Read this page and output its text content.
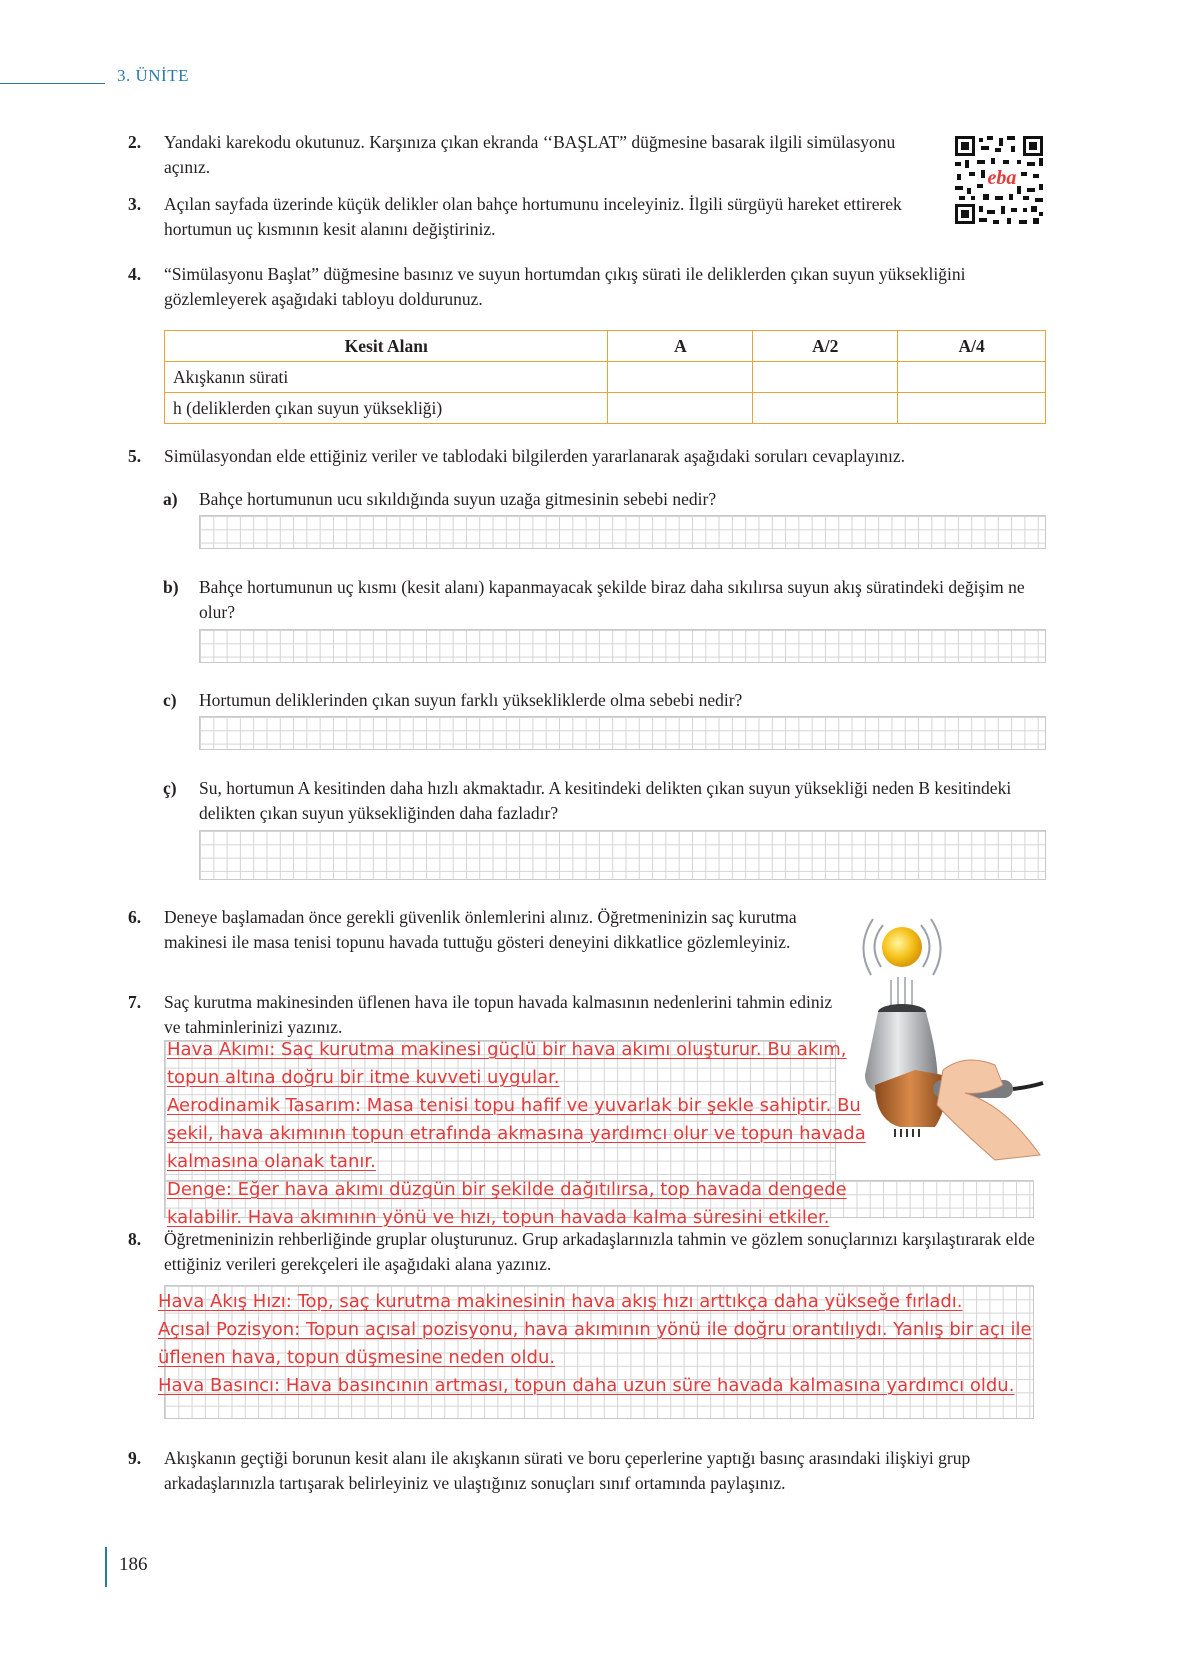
3. ÜNİTE
2. Yandaki karekodu okutunuz. Karşınıza çıkan ekranda ‘‘BAŞLAT” düğmesine basarak ilgili simülasyonu açınız.	eba
3. Açılan sayfada üzerinde küçük delikler olan bahçe hortumunu inceleyiniz. İlgili sürgüyü hareket ettirerek hortumun uç kısmının kesit alanını değiştiriniz.
4. “Simülasyonu Başlat” düğmesine basınız ve suyun hortumdan çıkış sürati ile deliklerden çıkan suyun yüksekliğini gözlemleyerek aşağıdaki tabloyu doldurunuz.
Kesit Alanı	A	A/2	A/4
Akışkanın sürati			
h (deliklerden çıkan suyun yüksekliği)			
5. Simülasyondan elde ettiğiniz veriler ve tablodaki bilgilerden yararlanarak aşağıdaki soruları cevaplayınız.
a) Bahçe hortumunun ucu sıkıldığında suyun uzağa gitmesinin sebebi nedir?
b) Bahçe hortumunun uç kısmı (kesit alanı) kapanmayacak şekilde biraz daha sıkılırsa suyun akış süratindeki değişim ne olur?
c) Hortumun deliklerinden çıkan suyun farklı yüksekliklerde olma sebebi nedir?
ç) Su, hortumun A kesitinden daha hızlı akmaktadır. A kesitindeki delikten çıkan suyun yüksekliği neden B kesitindeki delikten çıkan suyun yüksekliğinden daha fazladır?
6. Deneye başlamadan önce gerekli güvenlik önlemlerini alınız. Öğretmeninizin saç kurutma makinesi ile masa tenisi topunu havada tuttuğu gösteri deneyini dikkatlice gözlemleyiniz.
7. Saç kurutma makinesinden üflenen hava ile topun havada kalmasının nedenlerini tahmin ediniz ve tahminlerinizi yazınız.
Hava Akımı: Saç kurutma makinesi güçlü bir hava akımı oluşturur. Bu akım,
topun altına doğru bir itme kuvveti uygular.
Aerodinamik Tasarım: Masa tenisi topu hafif ve yuvarlak bir şekle sahiptir. Bu
şekil, hava akımının topun etrafında akmasına yardımcı olur ve topun havada
kalmasına olanak tanır.
Denge: Eğer hava akımı düzgün bir şekilde dağıtılırsa, top havada dengede
kalabilir. Hava akımının yönü ve hızı, topun havada kalma süresini etkiler.
8. Öğretmeninizin rehberliğinde gruplar oluşturunuz. Grup arkadaşlarınızla tahmin ve gözlem sonuçlarınızı karşılaştırarak elde ettiğiniz verileri gerekçeleri ile aşağıdaki alana yazınız.
Hava Akış Hızı: Top, saç kurutma makinesinin hava akış hızı arttıkça daha yükseğe fırladı.
Açısal Pozisyon: Topun açısal pozisyonu, hava akımının yönü ile doğru orantılıydı. Yanlış bir açı ile
üflenen hava, topun düşmesine neden oldu.
Hava Basıncı: Hava basıncının artması, topun daha uzun süre havada kalmasına yardımcı oldu.
9. Akışkanın geçtiği borunun kesit alanı ile akışkanın sürati ve boru çeperlerine yaptığı basınç arasındaki ilişkiyi grup arkadaşlarınızla tartışarak belirleyiniz ve ulaştığınız sonuçları sınıf ortamında paylaşınız.
186
